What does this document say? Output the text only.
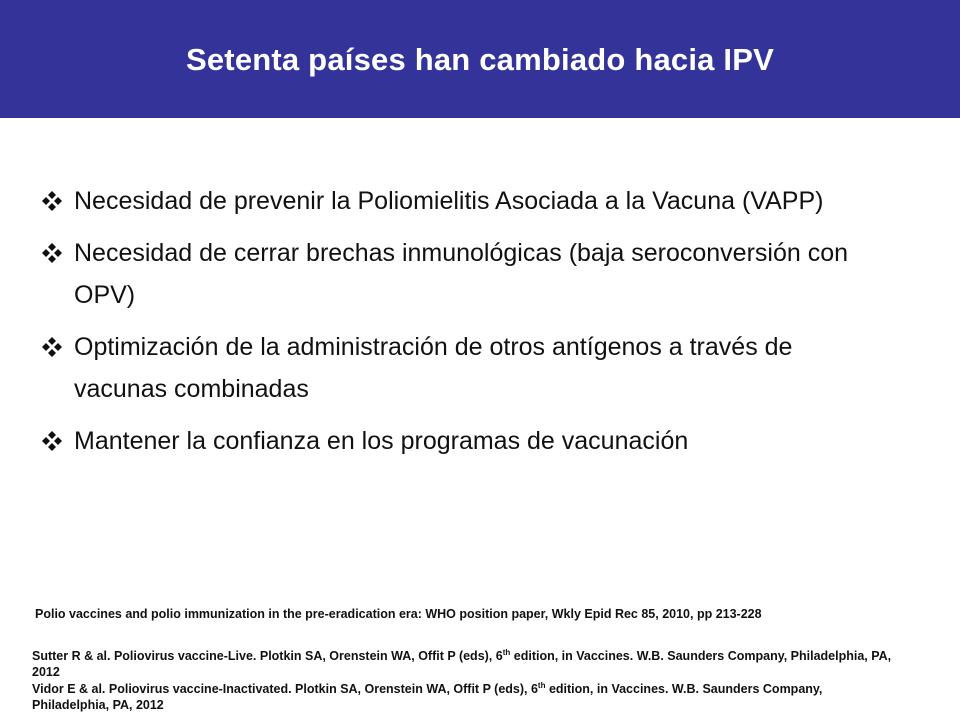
Setenta países han cambiado hacia IPV
Necesidad de prevenir la Poliomielitis Asociada a la Vacuna (VAPP)
Necesidad de cerrar brechas inmunológicas (baja seroconversión con OPV)
Optimización de la administración de otros antígenos a través de vacunas combinadas
Mantener la confianza en los programas de vacunación
Polio vaccines and polio immunization in the pre-eradication era: WHO position paper, Wkly Epid Rec 85, 2010, pp 213-228
Sutter R & al. Poliovirus vaccine-Live. Plotkin SA, Orenstein WA, Offit P (eds), 6th edition, in Vaccines. W.B. Saunders Company, Philadelphia, PA, 2012
Vidor E & al. Poliovirus vaccine-Inactivated. Plotkin SA, Orenstein WA, Offit P (eds), 6th edition, in Vaccines. W.B. Saunders Company, Philadelphia, PA, 2012
